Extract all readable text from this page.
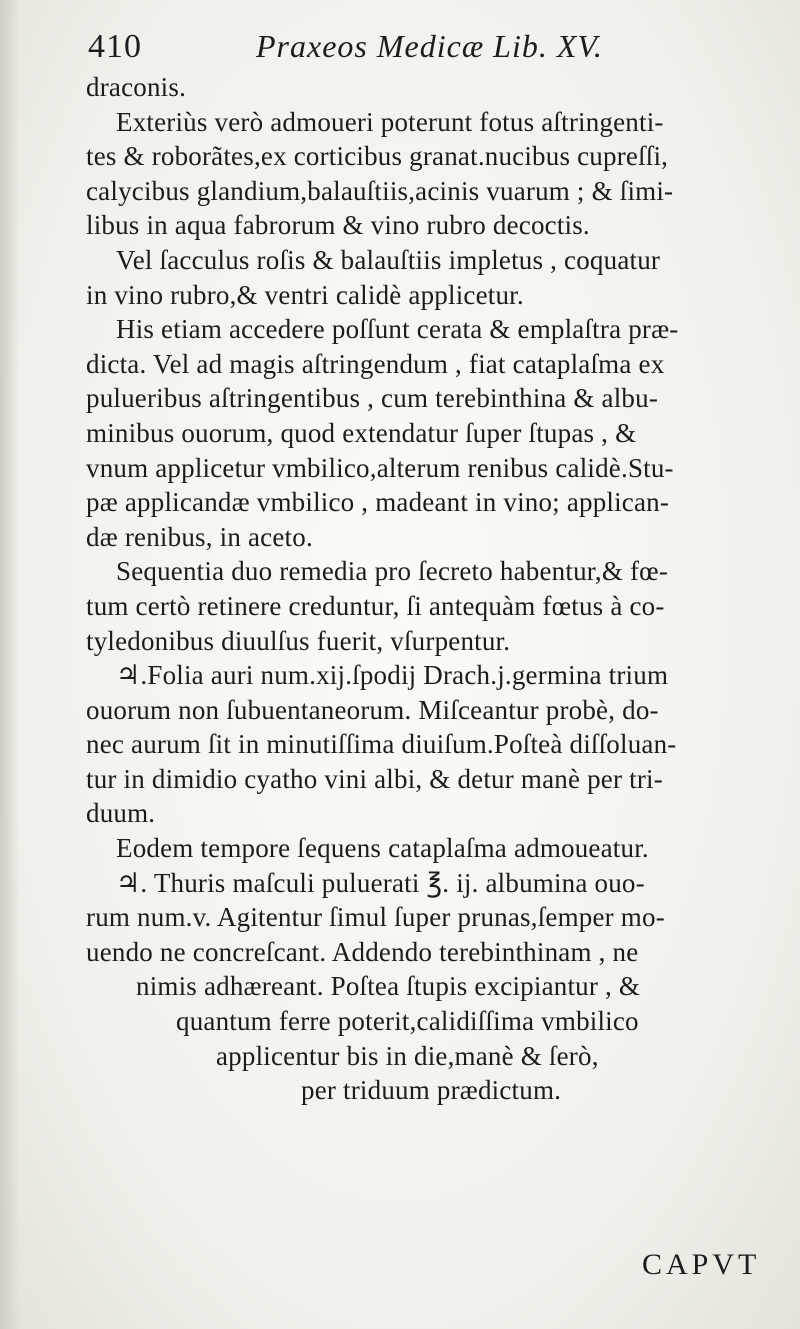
410	Praxeos Medicæ Lib. XV.
draconis.
Exteriùs verò admoueri poterunt fotus aſtringenti-
tes & roborãtes,ex corticibus granat.nucibus cupreſſi,
calycibus glandium,balauſtiis,acinis vuarum ; & ſimi-
libus in aqua fabrorum & vino rubro decoctis.
Vel ſacculus roſis & balauſtiis impletus , coquatur
in vino rubro,& ventri calidè applicetur.
His etiam accedere poſſunt cerata & emplaſtra præ-
dicta. Vel ad magis aſtringendum , fiat cataplaſma ex
pulueribus aſtringentibus , cum terebinthina & albu-
minibus ouorum, quod extendatur ſuper ſtupas , &
vnum applicetur vmbilico,alterum renibus calidè.Stu-
pæ applicandæ vmbilico , madeant in vino; applican-
dæ renibus, in aceto.
Sequentia duo remedia pro ſecreto habentur,& fœ-
tum certò retinere creduntur, ſi antequàm fœtus à co-
tyledonibus diuulſus fuerit, vſurpentur.
♃.Folia auri num.xij.ſpodij Drach.j.germina trium
ouorum non ſubuentaneorum. Miſceantur probè, do-
nec aurum ſit in minutiſſima diuiſum.Poſteà diſſoluan-
tur in dimidio cyatho vini albi, & detur manè per tri-
duum.
Eodem tempore ſequens cataplaſma admoueatur.
♃. Thuris maſculi puluerati ℥. ij. albumina ouo-
rum num.v. Agitentur ſimul ſuper prunas,ſemper mo-
uendo ne concreſcant. Addendo terebinthinam , ne
nimis adhæreant. Poſtea ſtupis excipiantur , &
quantum ferre poterit,calidiſſima vmbilico
applicentur bis in die,manè & ſerò,
per triduum prædictum.
CAPVT
